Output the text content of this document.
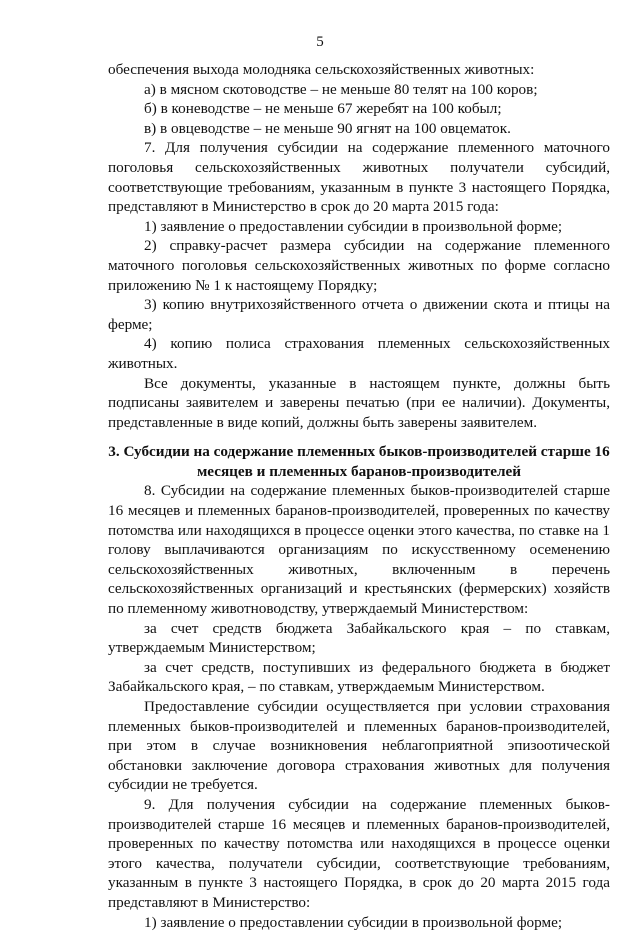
5

обеспечения выхода молодняка сельскохозяйственных животных:

а) в мясном скотоводстве – не меньше 80 телят на 100 коров;

б) в коневодстве – не меньше 67 жеребят на 100 кобыл;

в) в овцеводстве – не меньше 90 ягнят на 100 овцематок.

7. Для получения субсидии на содержание племенного маточного поголовья сельскохозяйственных животных получатели субсидий, соответствующие требованиям, указанным в пункте 3 настоящего Порядка, представляют в Министерство в срок до 20 марта 2015 года:

1) заявление о предоставлении субсидии в произвольной форме;

2) справку-расчет размера субсидии на содержание племенного маточного поголовья сельскохозяйственных животных по форме согласно приложению № 1 к настоящему Порядку;

3) копию внутрихозяйственного отчета о движении скота и птицы на ферме;

4) копию полиса страхования племенных сельскохозяйственных животных.

Все документы, указанные в настоящем пункте, должны быть подписаны заявителем и заверены печатью (при ее наличии). Документы, представленные в виде копий, должны быть заверены заявителем.

3. Субсидии на содержание племенных быков-производителей старше 16 месяцев и племенных баранов-производителей

8. Субсидии на содержание племенных быков-производителей старше 16 месяцев и племенных баранов-производителей, проверенных по качеству потомства или находящихся в процессе оценки этого качества, по ставке на 1 голову выплачиваются организациям по искусственному осеменению сельскохозяйственных животных, включенным в перечень сельскохозяйственных организаций и крестьянских (фермерских) хозяйств по племенному животноводству, утверждаемый Министерством:

за счет средств бюджета Забайкальского края – по ставкам, утверждаемым Министерством;

за счет средств, поступивших из федерального бюджета в бюджет Забайкальского края, – по ставкам, утверждаемым Министерством.

Предоставление субсидии осуществляется при условии страхования племенных быков-производителей и племенных баранов-производителей, при этом в случае возникновения неблагоприятной эпизоотической обстановки заключение договора страхования животных для получения субсидии не требуется.

9. Для получения субсидии на содержание племенных быков-производителей старше 16 месяцев и племенных баранов-производителей, проверенных по качеству потомства или находящихся в процессе оценки этого качества, получатели субсидии, соответствующие требованиям, указанным в пункте 3 настоящего Порядка, в срок до 20 марта 2015 года представляют в Министерство:

1) заявление о предоставлении субсидии в произвольной форме;
